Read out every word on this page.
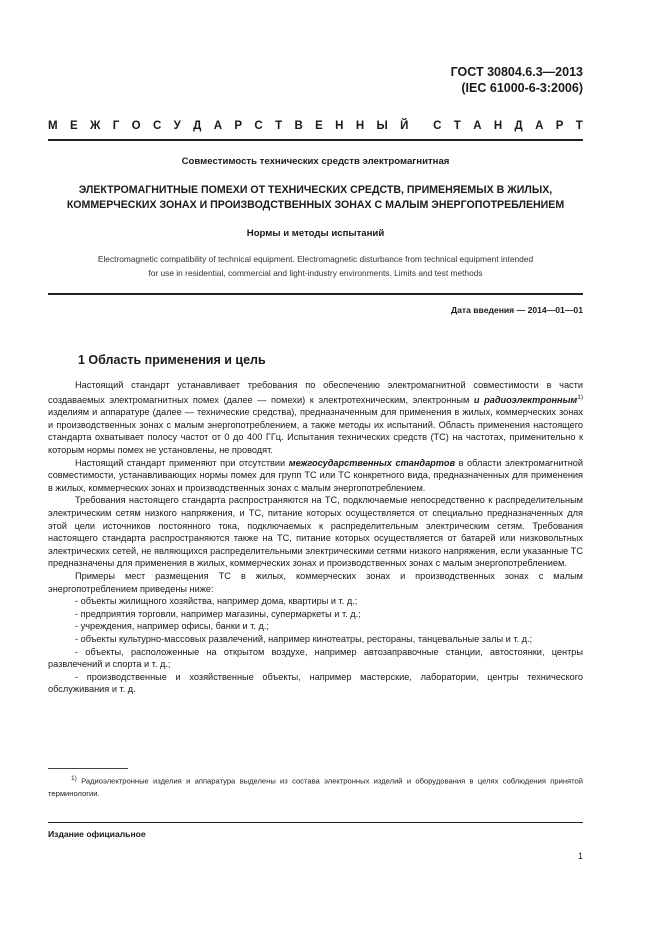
ГОСТ 30804.6.3—2013
(IEC 61000-6-3:2006)
М Е Ж Г О С У Д А Р С Т В Е Н Н Ы Й С Т А Н Д А Р Т
Совместимость технических средств электромагнитная
ЭЛЕКТРОМАГНИТНЫЕ ПОМЕХИ ОТ ТЕХНИЧЕСКИХ СРЕДСТВ, ПРИМЕНЯЕМЫХ В ЖИЛЫХ,
КОММЕРЧЕСКИХ ЗОНАХ И ПРОИЗВОДСТВЕННЫХ ЗОНАХ С МАЛЫМ ЭНЕРГОПОТРЕБЛЕНИЕМ
Нормы и методы испытаний
Electromagnetic compatibility of technical equipment. Electromagnetic disturbance from technical equipment intended
for use in residential, commercial and light-industry environments. Limits and test methods
Дата введения — 2014—01—01
1 Область применения и цель

Настоящий стандарт устанавливает требования по обеспечению электромагнитной совместимости в части создаваемых электромагнитных помех (далее — помехи) к электротехническим, электронным и радиоэлектронным$^{1)}$ изделиям и аппаратуре (далее — технические средства), предназначенным для применения в жилых, коммерческих зонах и производственных зонах с малым энергопотреблением, а также методы их испытаний. Область применения настоящего стандарта охватывает полосу частот от 0 до 400 ГГц. Испытания технических средств (ТС) на частотах, применительно к которым нормы помех не установлены, не проводят.

Настоящий стандарт применяют при отсутствии межгосударственных стандартов в области электромагнитной совместимости, устанавливающих нормы помех для групп ТС или ТС конкретного вида, предназначенных для применения в жилых, коммерческих зонах и производственных зонах с малым энергопотреблением.

Требования настоящего стандарта распространяются на ТС, подключаемые непосредственно к распределительным электрическим сетям низкого напряжения, и ТС, питание которых осуществляется от специально предназначенных для этой цели источников постоянного тока, подключаемых к распределительным электрическим сетям. Требования настоящего стандарта распространяются также на ТС, питание которых осуществляется от батарей или низковольтных электрических сетей, не являющихся распределительными электрическими сетями низкого напряжения, если указанные ТС предназначены для применения в жилых, коммерческих зонах и производственных зонах с малым энергопотреблением.

Примеры мест размещения ТС в жилых, коммерческих зонах и производственных зонах с малым энергопотреблением приведены ниже:

- объекты жилищного хозяйства, например дома, квартиры и т. д.;

- предприятия торговли, например магазины, супермаркеты и т. д.;

- учреждения, например офисы, банки и т. д.;

- объекты культурно-массовых развлечений, например кинотеатры, рестораны, танцевальные залы и т. д.;

- объекты, расположенные на открытом воздухе, например автозаправочные станции, автостоянки, центры развлечений и спорта и т. д.;

- производственные и хозяйственные объекты, например мастерские, лаборатории, центры технического обслуживания и т. д.

$^{1)}$ Радиоэлектронные изделия и аппаратура выделены из состава электронных изделий и оборудования в целях соблюдения принятой терминологии.
Издание официальное
1
